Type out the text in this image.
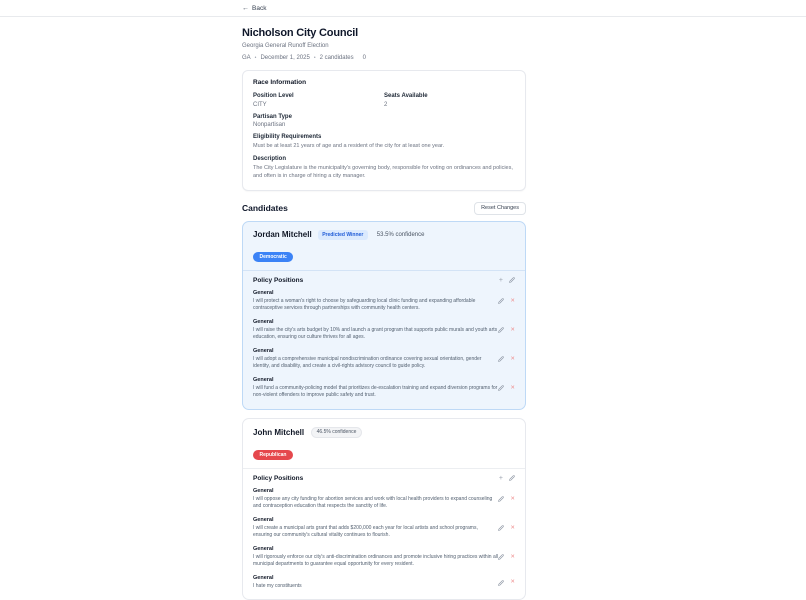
← Back
Nicholson City Council
Georgia General Runoff Election
GA • December 1, 2025 • 2 candidates 0
Race Information
Position Level
CITY
Seats Available
2
Partisan Type
Nonpartisan
Eligibility Requirements
Must be at least 21 years of age and a resident of the city for at least one year.
Description
The City Legislature is the municipality's governing body, responsible for voting on ordinances and policies, and often is in charge of hiring a city manager.
Candidates	Reset Changes
Jordan Mitchell	Predicted Winner	53.5% confidence
Democratic
Policy Positions	+
General
I will protect a woman's right to choose by safeguarding local clinic funding and expanding affordable contraceptive services through partnerships with community health centers.
✕
General
I will raise the city's arts budget by 10% and launch a grant program that supports public murals and youth arts education, ensuring our culture thrives for all ages.
✕
General
I will adopt a comprehensive municipal nondiscrimination ordinance covering sexual orientation, gender identity, and disability, and create a civil-rights advisory council to guide policy.
✕
General
I will fund a community-policing model that prioritizes de-escalation training and expand diversion programs for non-violent offenders to improve public safety and trust.
✕
John Mitchell	46.5% confidence
Republican
Policy Positions	+
General
I will oppose any city funding for abortion services and work with local health providers to expand counseling and contraception education that respects the sanctity of life.
✕
General
I will create a municipal arts grant that adds $200,000 each year for local artists and school programs, ensuring our community's cultural vitality continues to flourish.
✕
General
I will rigorously enforce our city's anti-discrimination ordinances and promote inclusive hiring practices within all municipal departments to guarantee equal opportunity for every resident.
✕
General
I hate my constituents
✕
